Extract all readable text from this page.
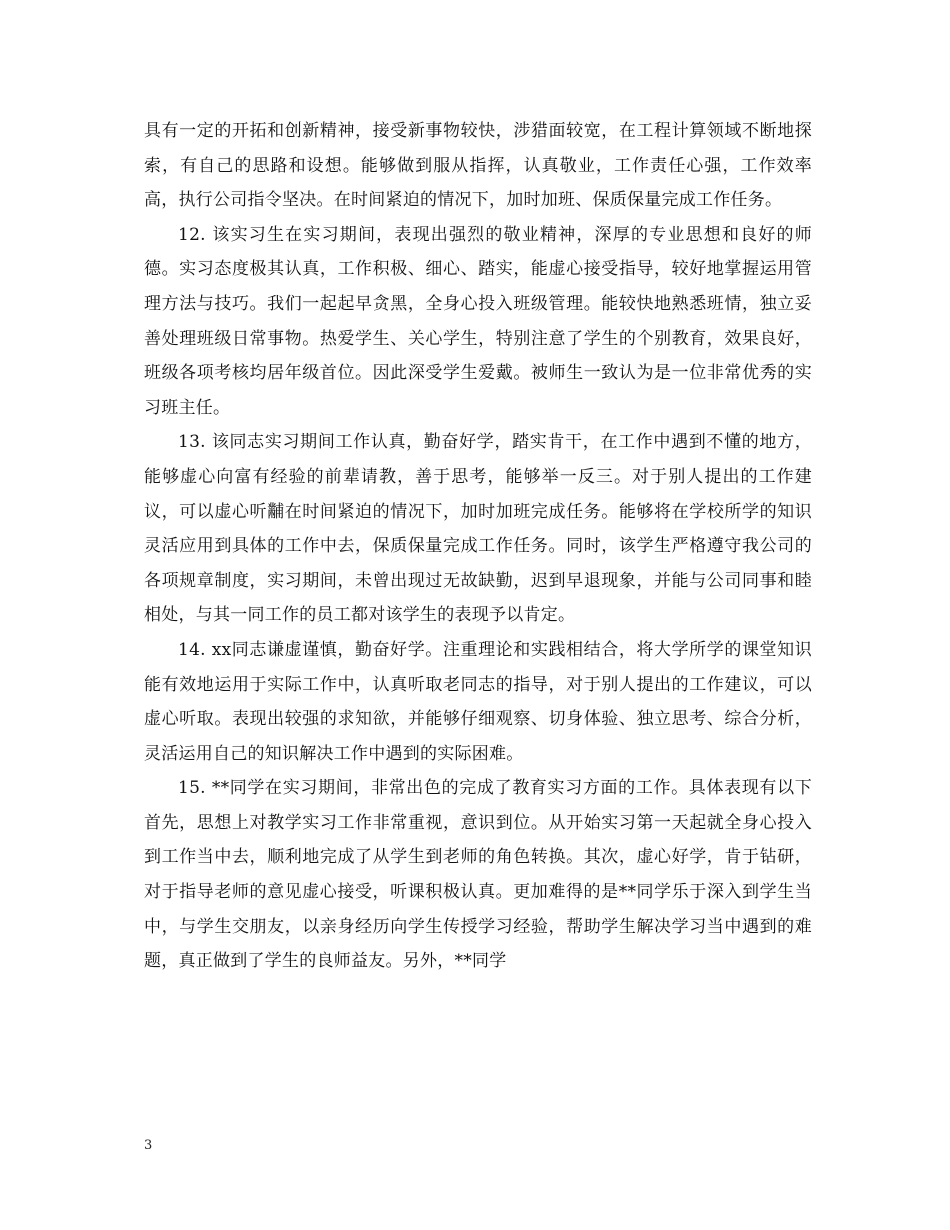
具有一定的开拓和创新精神，接受新事物较快，涉猎面较宽，在工程计算领域不断地探索，有自己的思路和设想。能够做到服从指挥，认真敬业，工作责任心强，工作效率高，执行公司指令坚决。在时间紧迫的情况下，加时加班、保质保量完成工作任务。

12. 该实习生在实习期间，表现出强烈的敬业精神，深厚的专业思想和良好的师德。实习态度极其认真，工作积极、细心、踏实，能虚心接受指导，较好地掌握运用管理方法与技巧。我们一起起早贪黑，全身心投入班级管理。能较快地熟悉班情，独立妥善处理班级日常事物。热爱学生、关心学生，特别注意了学生的个别教育，效果良好，班级各项考核均居年级首位。因此深受学生爱戴。被师生一致认为是一位非常优秀的实习班主任。

13. 该同志实习期间工作认真，勤奋好学，踏实肯干，在工作中遇到不懂的地方，能够虚心向富有经验的前辈请教，善于思考，能够举一反三。对于别人提出的工作建议，可以虚心听黼在时间紧迫的情况下，加时加班完成任务。能够将在学校所学的知识灵活应用到具体的工作中去，保质保量完成工作任务。同时，该学生严格遵守我公司的各项规章制度，实习期间，未曾出现过无故缺勤，迟到早退现象，并能与公司同事和睦相处，与其一同工作的员工都对该学生的表现予以肯定。

14. xx同志谦虚谨慎，勤奋好学。注重理论和实践相结合，将大学所学的课堂知识能有效地运用于实际工作中，认真听取老同志的指导，对于别人提出的工作建议，可以虚心听取。表现出较强的求知欲，并能够仔细观察、切身体验、独立思考、综合分析，灵活运用自己的知识解决工作中遇到的实际困难。

15. **同学在实习期间，非常出色的完成了教育实习方面的工作。具体表现有以下首先，思想上对教学实习工作非常重视，意识到位。从开始实习第一天起就全身心投入到工作当中去，顺利地完成了从学生到老师的角色转换。其次，虚心好学，肯于钻研，对于指导老师的意见虚心接受，听课积极认真。更加难得的是**同学乐于深入到学生当中，与学生交朋友，以亲身经历向学生传授学习经验，帮助学生解决学习当中遇到的难题，真正做到了学生的良师益友。另外，**同学

3
